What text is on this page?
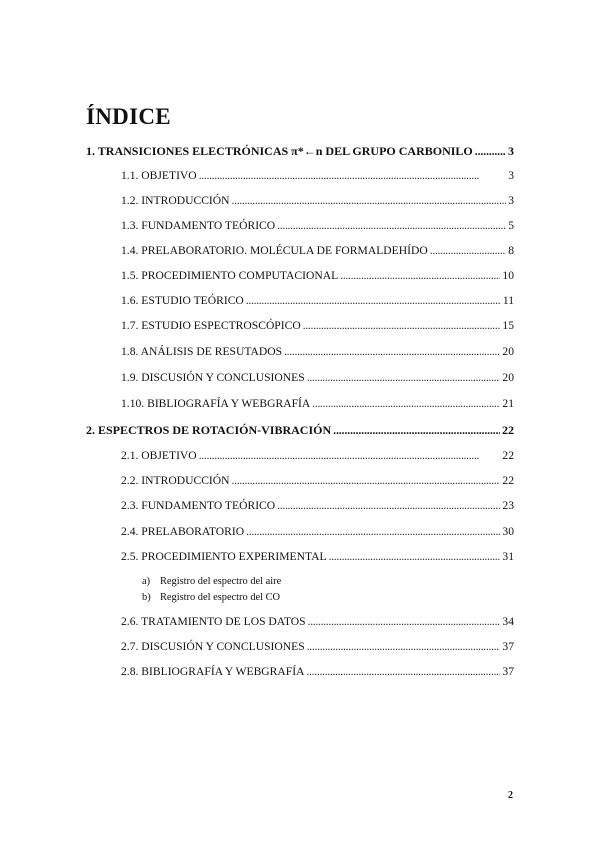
ÍNDICE
1. TRANSICIONES ELECTRÓNICAS π*←n DEL GRUPO CARBONILO . . .	3
1.1. OBJETIVO . . .	3
1.2. INTRODUCCIÓN . . .	3
1.3. FUNDAMENTO TEÓRICO . . .	5
1.4. PRELABORATORIO. MOLÉCULA DE FORMALDEHÍDO . . .	8
1.5. PROCEDIMIENTO COMPUTACIONAL . . .	10
1.6. ESTUDIO TEÓRICO . . .	11
1.7. ESTUDIO ESPECTROSCÓPICO . . .	15
1.8. ANÁLISIS DE RESUTADOS . . .	20
1.9. DISCUSIÓN Y CONCLUSIONES . . .	20
1.10. BIBLIOGRAFÍA Y WEBGRAFÍA . . .	21
2. ESPECTROS DE ROTACIÓN-VIBRACIÓN . . .	22
2.1. OBJETIVO . . .	22
2.2. INTRODUCCIÓN . . .	22
2.3. FUNDAMENTO TEÓRICO . . .	23
2.4. PRELABORATORIO . . .	30
2.5. PROCEDIMIENTO EXPERIMENTAL . . .	31
a) Registro del espectro del aire
b) Registro del espectro del CO
2.6. TRATAMIENTO DE LOS DATOS . . .	34
2.7. DISCUSIÓN Y CONCLUSIONES . . .	37
2.8. BIBLIOGRAFÍA Y WEBGRAFÍA . . .	37
2
